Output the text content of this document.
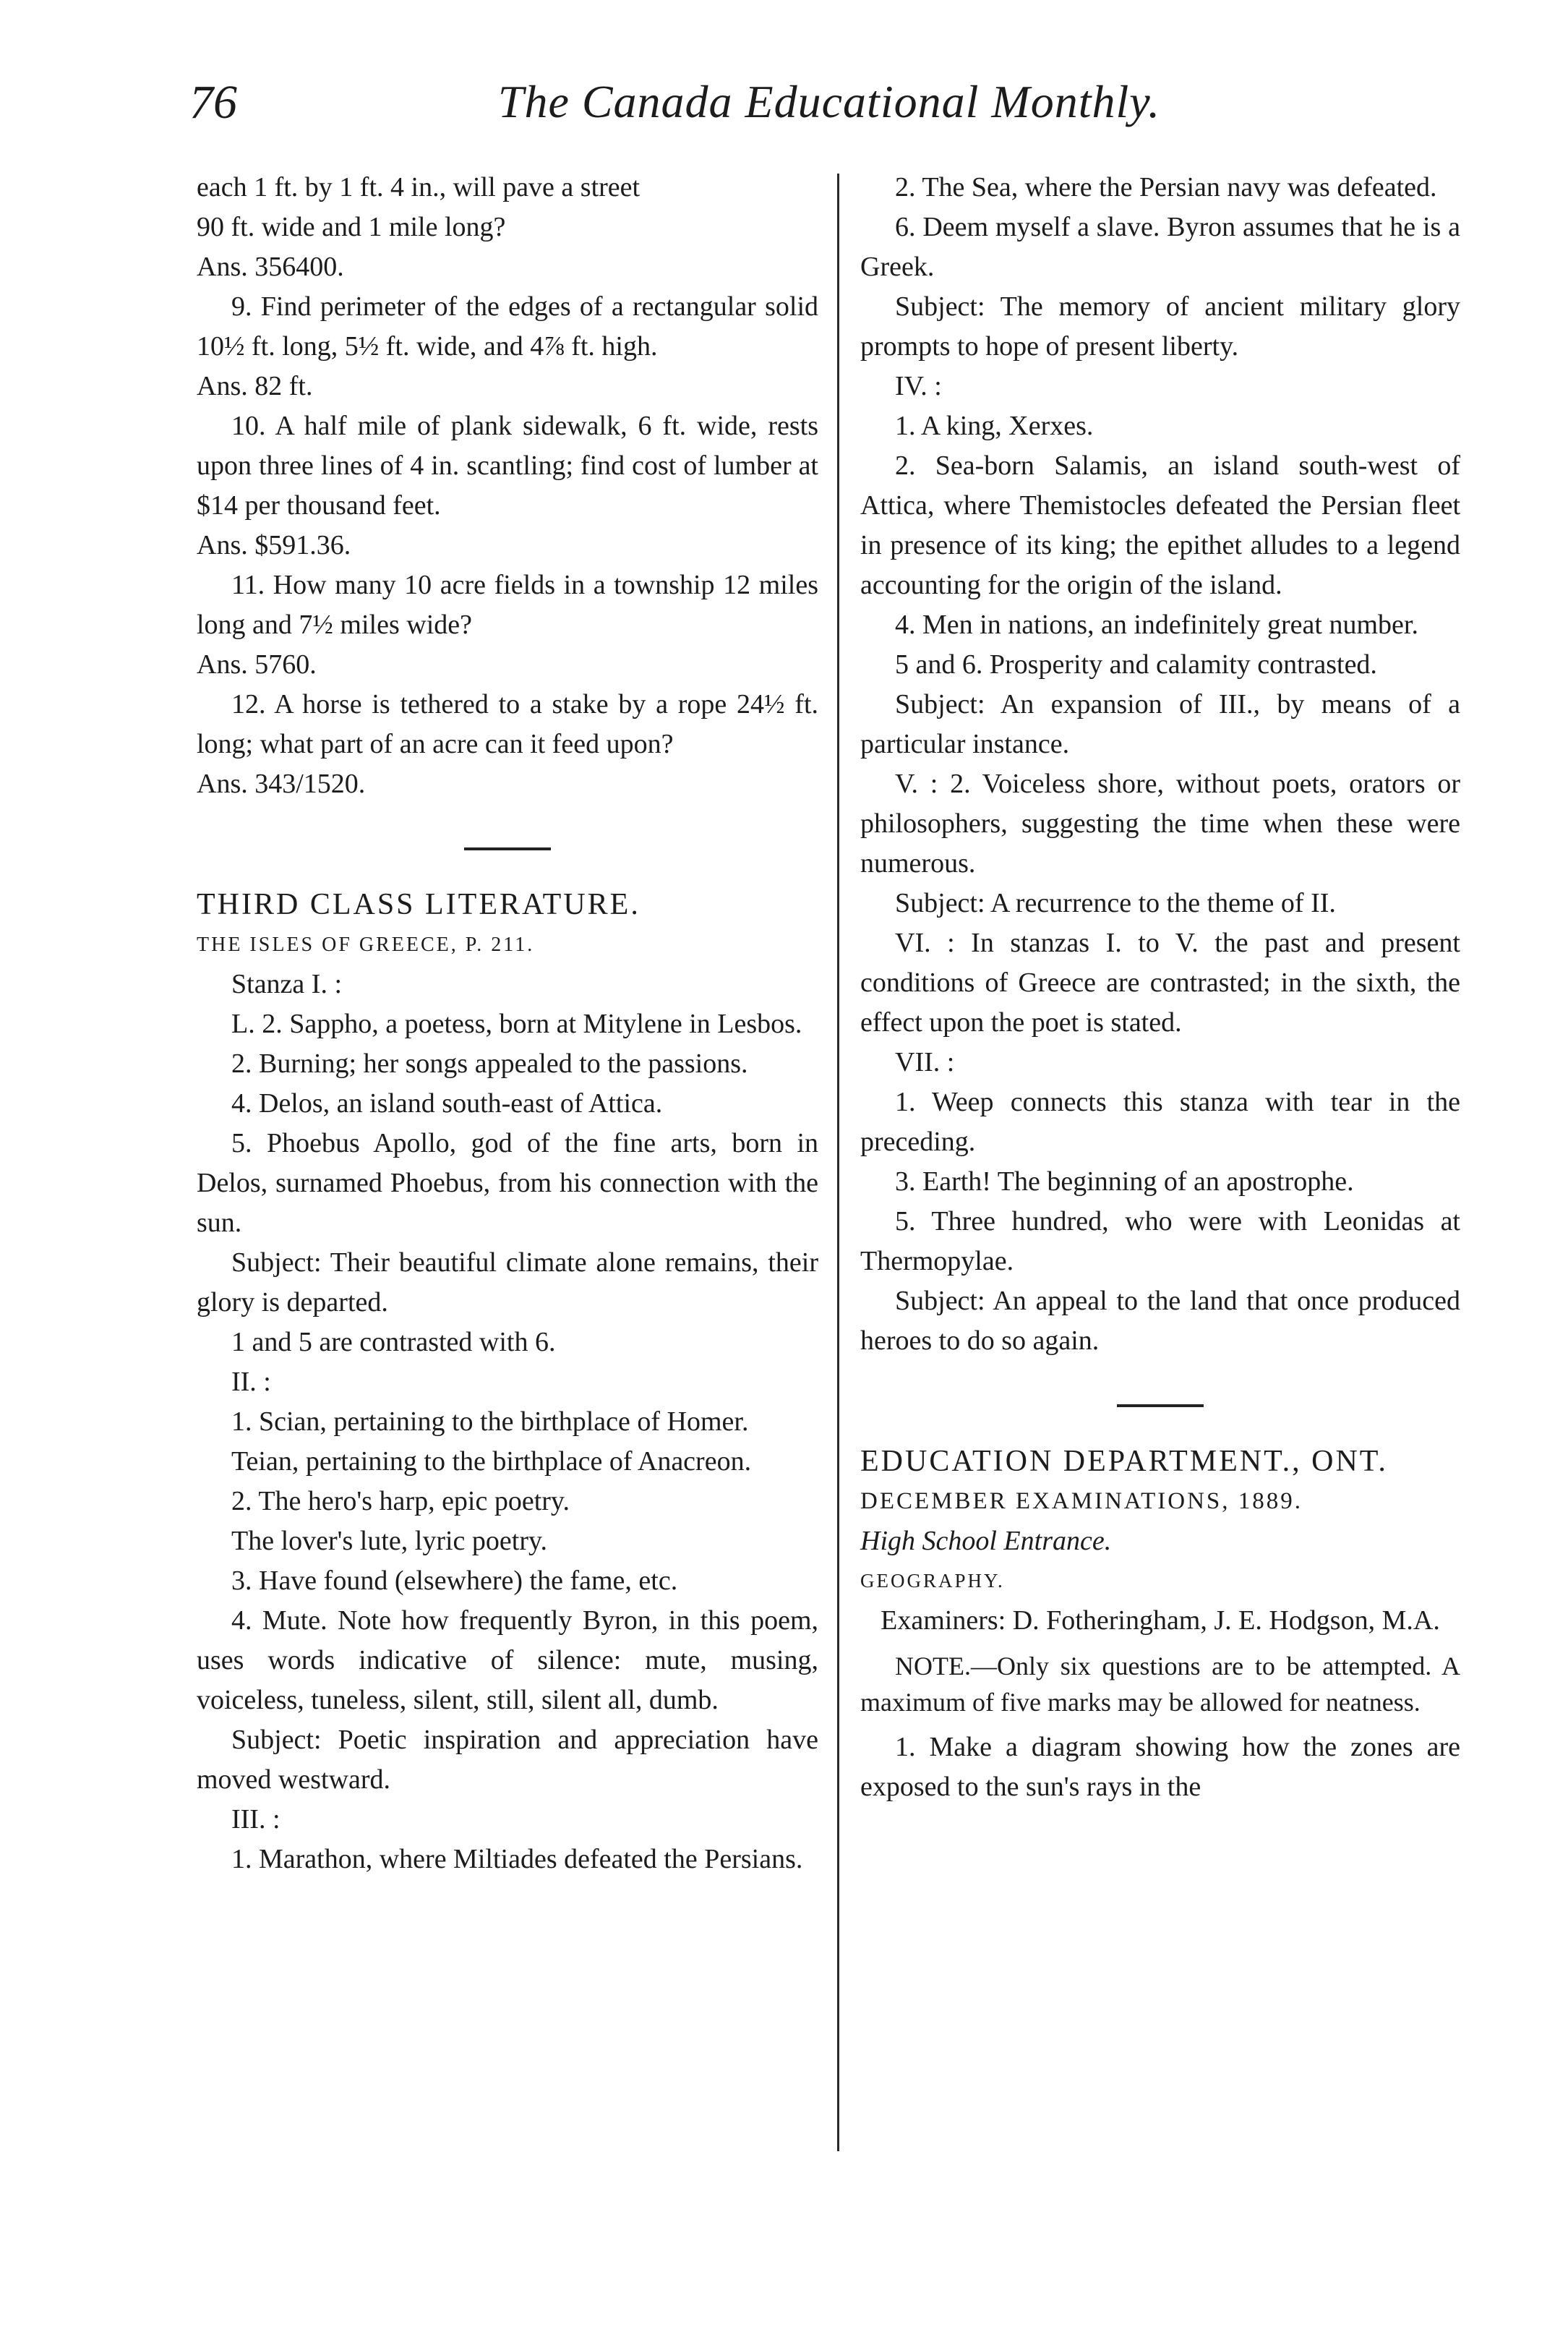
76	The Canada Educational Monthly.

each 1 ft. by 1 ft. 4 in., will pave a street

90 ft. wide and 1 mile long?

Ans. 356400.

9. Find perimeter of the edges of a rectangular solid 10½ ft. long, 5½ ft. wide, and 4⅞ ft. high.

Ans. 82 ft.

10. A half mile of plank sidewalk, 6 ft. wide, rests upon three lines of 4 in. scantling; find cost of lumber at $14 per thousand feet.

Ans. $591.36.

11. How many 10 acre fields in a township 12 miles long and 7½ miles wide?

Ans. 5760.

12. A horse is tethered to a stake by a rope 24½ ft. long; what part of an acre can it feed upon?

Ans. 343/1520.

THIRD CLASS LITERATURE.

THE ISLES OF GREECE, P. 211.

Stanza I. :

L. 2. Sappho, a poetess, born at Mitylene in Lesbos.

2. Burning; her songs appealed to the passions.

4. Delos, an island south-east of Attica.

5. Phoebus Apollo, god of the fine arts, born in Delos, surnamed Phoebus, from his connection with the sun.

Subject: Their beautiful climate alone remains, their glory is departed.

1 and 5 are contrasted with 6.

II. :

1. Scian, pertaining to the birthplace of Homer.

Teian, pertaining to the birthplace of Anacreon.

2. The hero's harp, epic poetry.

The lover's lute, lyric poetry.

3. Have found (elsewhere) the fame, etc.

4. Mute. Note how frequently Byron, in this poem, uses words indicative of silence: mute, musing, voiceless, tuneless, silent, still, silent all, dumb.

Subject: Poetic inspiration and appreciation have moved westward.

III. :

1. Marathon, where Miltiades defeated the Persians.

2. The Sea, where the Persian navy was defeated.

6. Deem myself a slave. Byron assumes that he is a Greek.

Subject: The memory of ancient military glory prompts to hope of present liberty.

IV. :

1. A king, Xerxes.

2. Sea-born Salamis, an island south-west of Attica, where Themistocles defeated the Persian fleet in presence of its king; the epithet alludes to a legend accounting for the origin of the island.

4. Men in nations, an indefinitely great number.

5 and 6. Prosperity and calamity contrasted.

Subject: An expansion of III., by means of a particular instance.

V. : 2. Voiceless shore, without poets, orators or philosophers, suggesting the time when these were numerous.

Subject: A recurrence to the theme of II.

VI. : In stanzas I. to V. the past and present conditions of Greece are contrasted; in the sixth, the effect upon the poet is stated.

VII. :

1. Weep connects this stanza with tear in the preceding.

3. Earth! The beginning of an apostrophe.

5. Three hundred, who were with Leonidas at Thermopylae.

Subject: An appeal to the land that once produced heroes to do so again.

EDUCATION DEPARTMENT., ONT.

DECEMBER EXAMINATIONS, 1889.

High School Entrance.

GEOGRAPHY.

Examiners: D. Fotheringham, J. E. Hodgson, M.A.

NOTE.—Only six questions are to be attempted. A maximum of five marks may be allowed for neatness.

1. Make a diagram showing how the zones are exposed to the sun's rays in the
